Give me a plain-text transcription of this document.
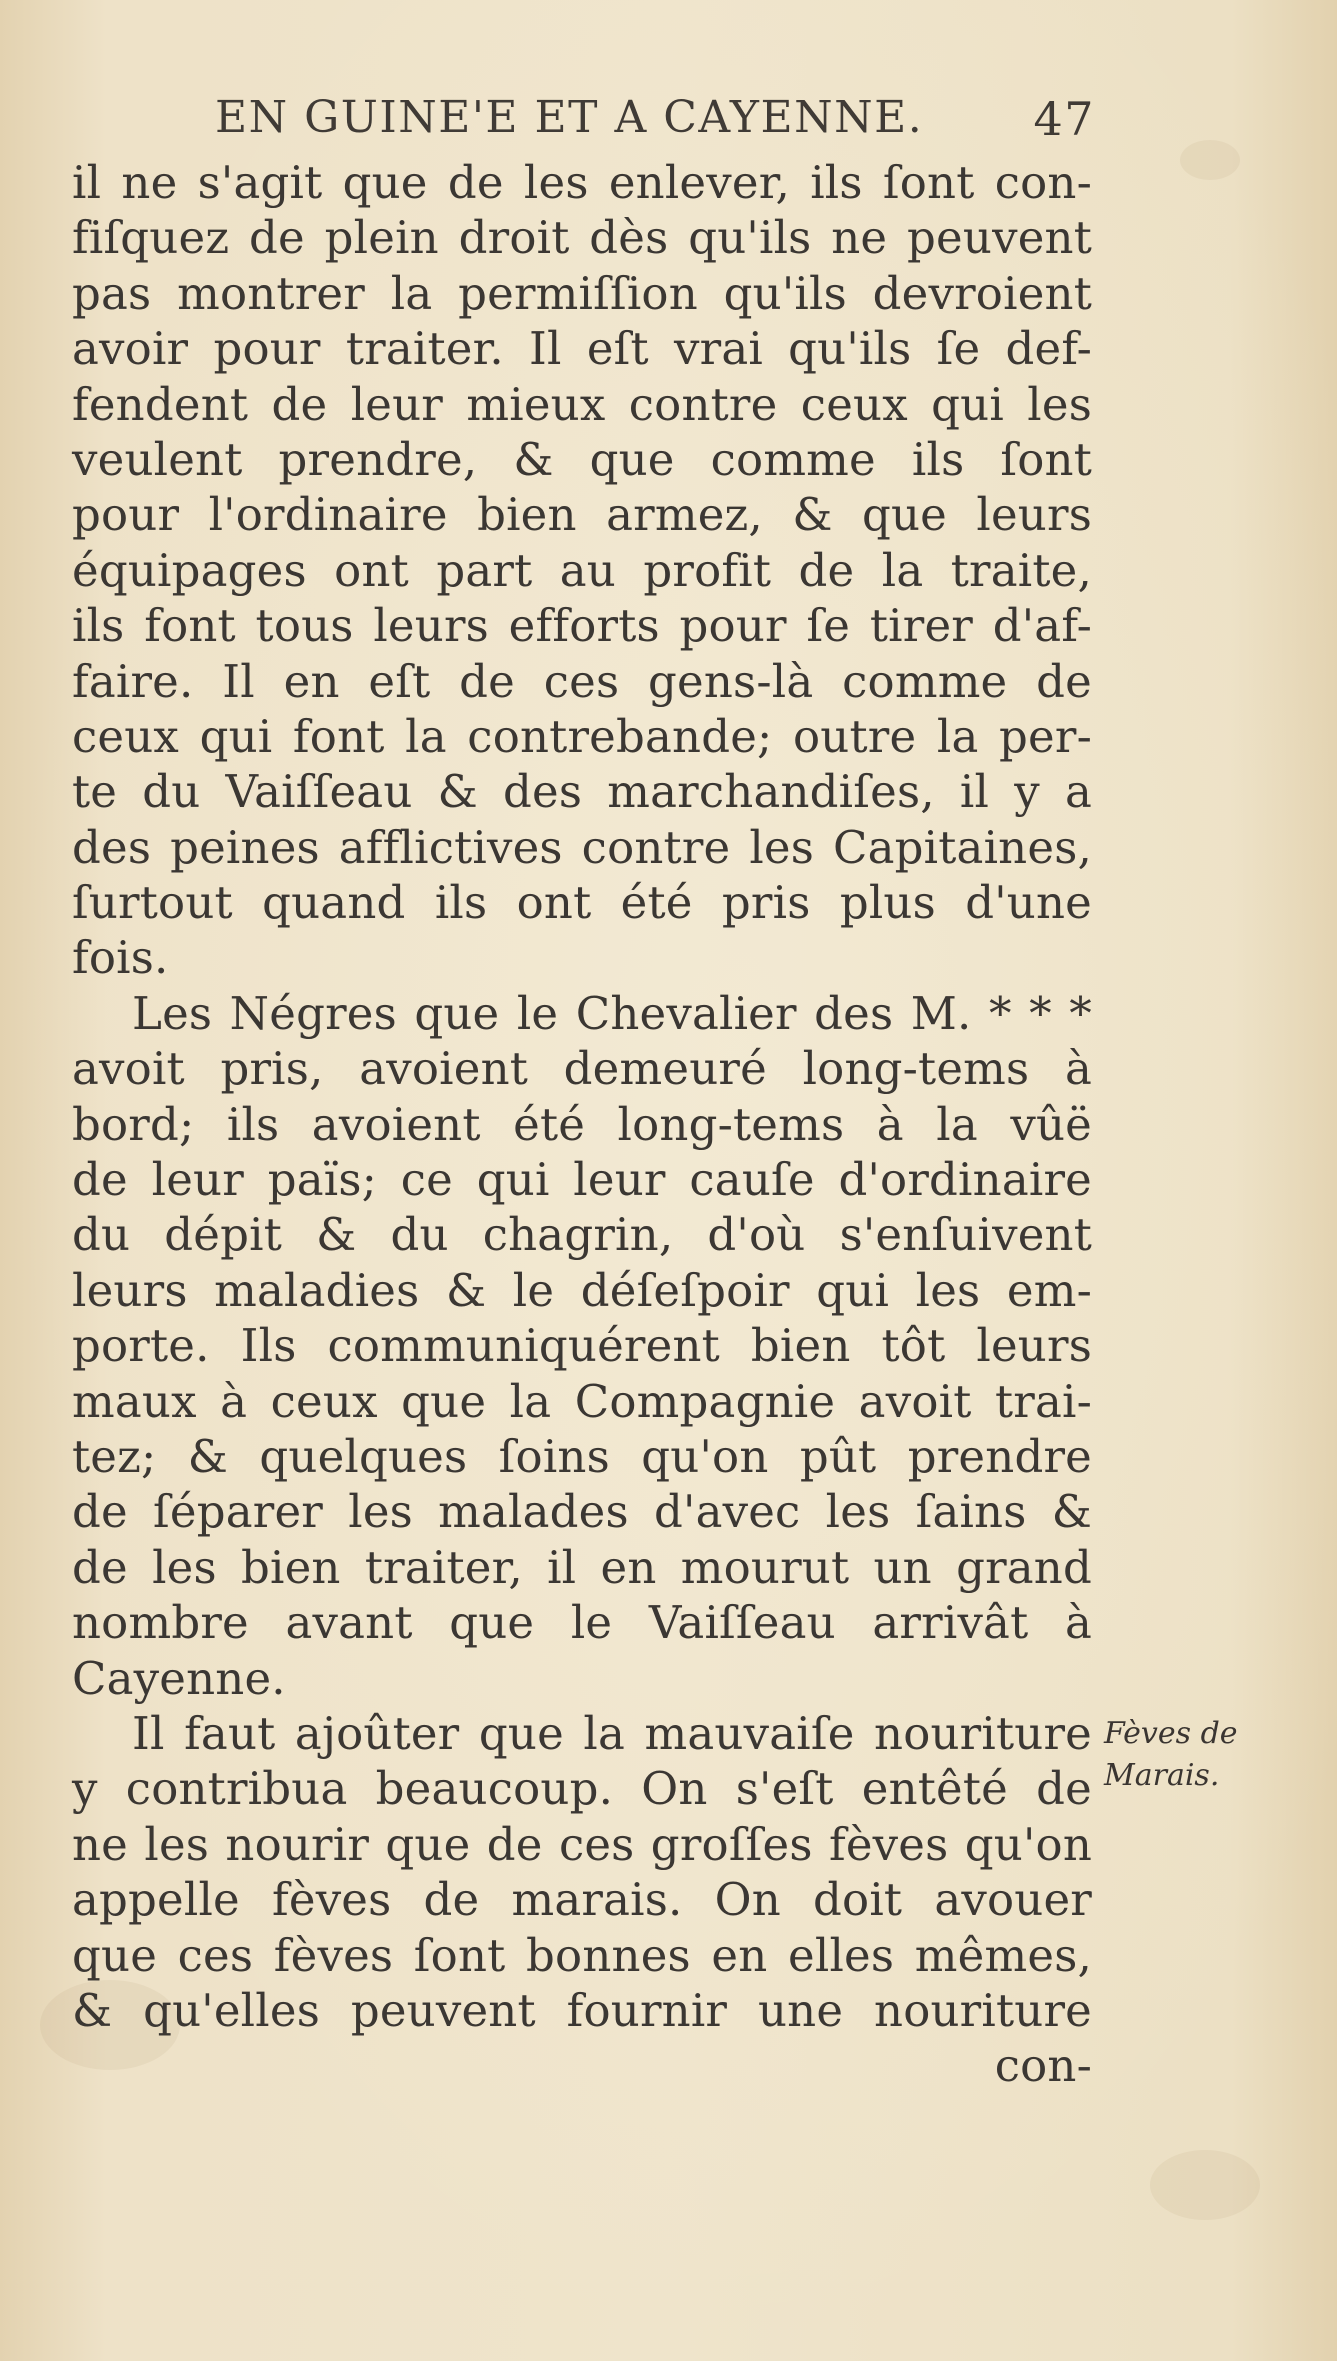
EN GUINE'E ET A CAYENNE. 47
il ne s'agit que de les enlever, ils ſont con-
fiſquez de plein droit dès qu'ils ne peuvent
pas montrer la permiſſion qu'ils devroient
avoir pour traiter. Il eſt vrai qu'ils ſe def-
fendent de leur mieux contre ceux qui les
veulent prendre, & que comme ils ſont
pour l'ordinaire bien armez, & que leurs
équipages ont part au profit de la traite,
ils font tous leurs efforts pour ſe tirer d'af-
faire. Il en eſt de ces gens-là comme de
ceux qui font la contrebande; outre la per-
te du Vaiſſeau & des marchandiſes, il y a
des peines afflictives contre les Capitaines,
ſurtout quand ils ont été pris plus d'une
fois.
Les Négres que le Chevalier des M. * * *
avoit pris, avoient demeuré long-tems à
bord; ils avoient été long-tems à la vûë
de leur païs; ce qui leur cauſe d'ordinaire
du dépit & du chagrin, d'où s'enſuivent
leurs maladies & le déſeſpoir qui les em-
porte. Ils communiquérent bien tôt leurs
maux à ceux que la Compagnie avoit trai-
tez; & quelques ſoins qu'on pût prendre
de ſéparer les malades d'avec les ſains &
de les bien traiter, il en mourut un grand
nombre avant que le Vaiſſeau arrivât à
Cayenne.
Il faut ajoûter que la mauvaiſe nouriture
y contribua beaucoup. On s'eſt entêté de
ne les nourir que de ces groſſes fèves qu'on
appelle fèves de marais. On doit avouer
que ces fèves ſont bonnes en elles mêmes,
& qu'elles peuvent fournir une nouriture
con-
Fèves de
Marais.
